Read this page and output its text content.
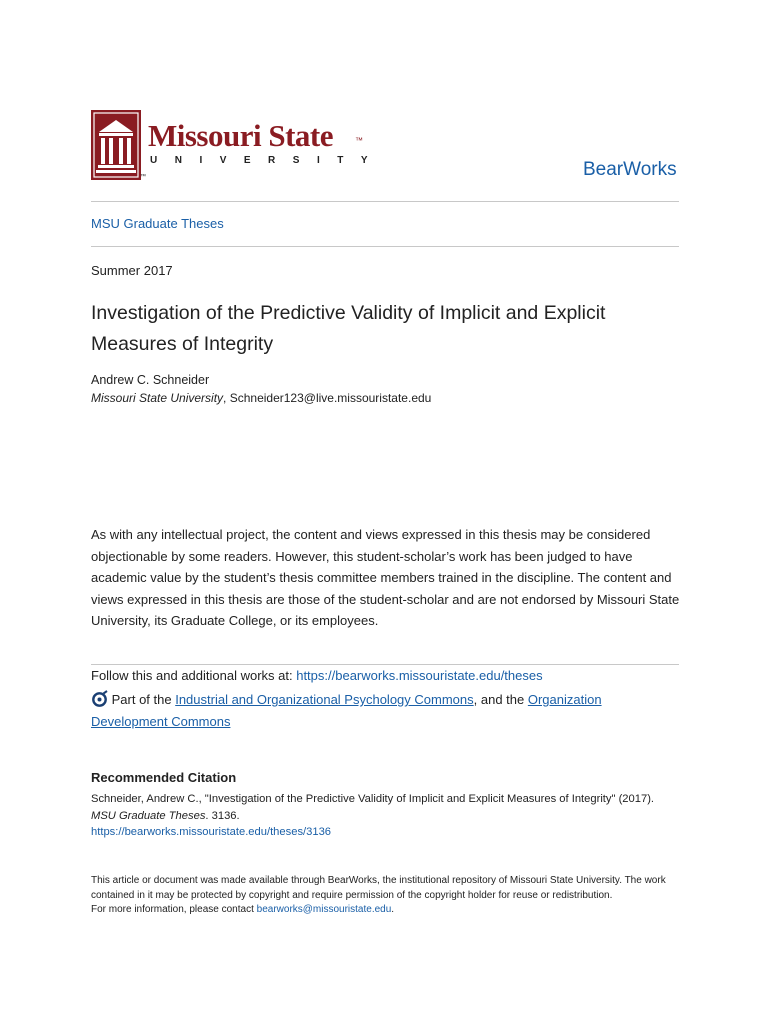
Missouri State	™
UNIVERSITY
™	BearWorks
MSU Graduate Theses
Summer 2017
Investigation of the Predictive Validity of Implicit and Explicit Measures of Integrity
Andrew C. Schneider
Missouri State University, Schneider123@live.missouristate.edu
As with any intellectual project, the content and views expressed in this thesis may be considered objectionable by some readers. However, this student-scholar’s work has been judged to have academic value by the student’s thesis committee members trained in the discipline. The content and views expressed in this thesis are those of the student-scholar and are not endorsed by Missouri State University, its Graduate College, or its employees.
Follow this and additional works at: https://bearworks.missouristate.edu/theses
Part of the Industrial and Organizational Psychology Commons, and the Organization Development Commons
Recommended Citation
Schneider, Andrew C., "Investigation of the Predictive Validity of Implicit and Explicit Measures of Integrity" (2017). MSU Graduate Theses. 3136.
https://bearworks.missouristate.edu/theses/3136
This article or document was made available through BearWorks, the institutional repository of Missouri State University. The work contained in it may be protected by copyright and require permission of the copyright holder for reuse or redistribution.
For more information, please contact bearworks@missouristate.edu.
